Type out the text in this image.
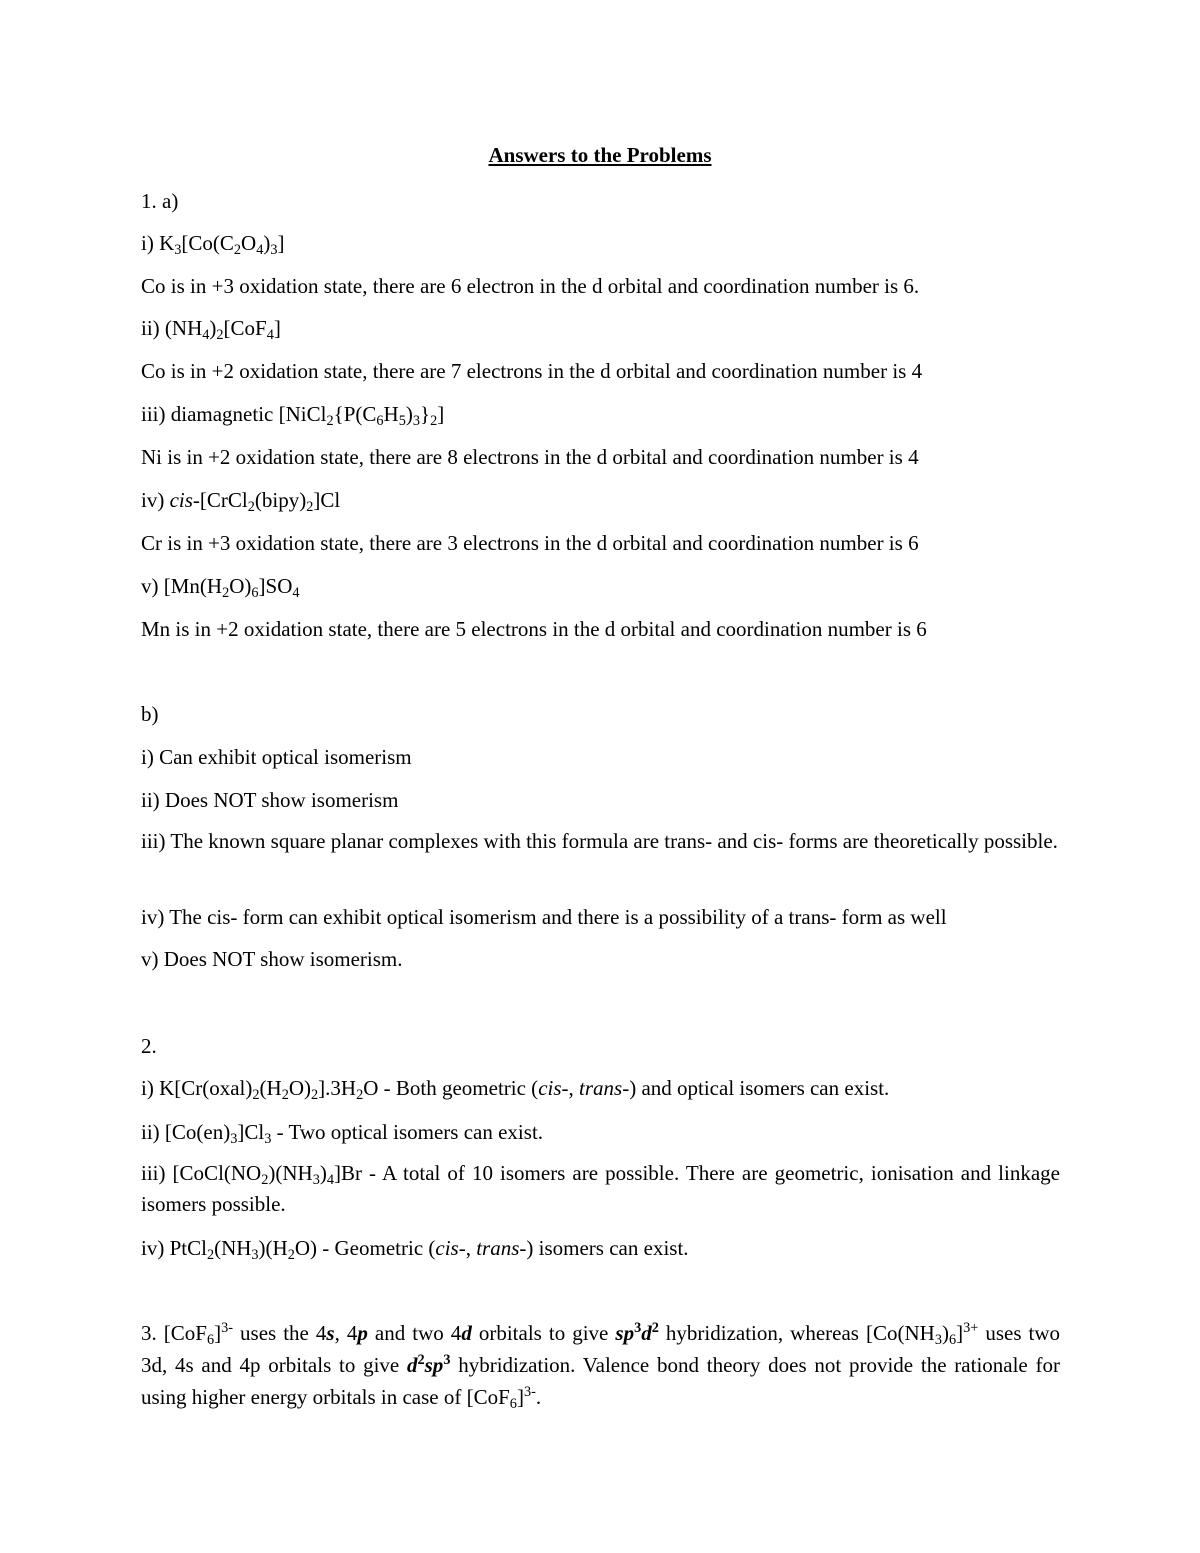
Answers to the Problems
1. a)
i) $K_3[Co(C_2O_4)_3]$
Co is in +3 oxidation state, there are 6 electron in the d orbital and coordination number is 6.
ii) $(NH_4)_2[CoF_4]$
Co is in +2 oxidation state, there are 7 electrons in the d orbital and coordination number is 4
iii) diamagnetic $[NiCl_2\{P(C_6H_5)_3\}_2]$
Ni is in +2 oxidation state, there are 8 electrons in the d orbital and coordination number is 4
iv) cis-$[CrCl_2(bipy)_2]Cl$
Cr is in +3 oxidation state, there are 3 electrons in the d orbital and coordination number is 6
v) $[Mn(H_2O)_6]SO_4$
Mn is in +2 oxidation state, there are 5 electrons in the d orbital and coordination number is 6
b)
i) Can exhibit optical isomerism
ii) Does NOT show isomerism
iii) The known square planar complexes with this formula are trans- and cis- forms are theoretically possible.
iv) The cis- form can exhibit optical isomerism and there is a possibility of a trans- form as well
v) Does NOT show isomerism.
2.
i) $K[Cr(oxal)_2(H_2O)_2].3H_2O$ - Both geometric (cis-, trans-) and optical isomers can exist.
ii) $[Co(en)_3]Cl_3$ - Two optical isomers can exist.
iii) $[CoCl(NO_2)(NH_3)_4]Br$ - A total of 10 isomers are possible. There are geometric, ionisation and linkage isomers possible.
iv) $PtCl_2(NH_3)(H_2O)$ - Geometric (cis-, trans-) isomers can exist.
3. $[CoF_6]^{3-}$ uses the 4s, 4p and two 4d orbitals to give $sp^3d^2$ hybridization, whereas $[Co(NH_3)_6]^{3+}$ uses two 3d, 4s and 4p orbitals to give $d^2sp^3$ hybridization. Valence bond theory does not provide the rationale for using higher energy orbitals in case of $[CoF_6]^{3-}$.
